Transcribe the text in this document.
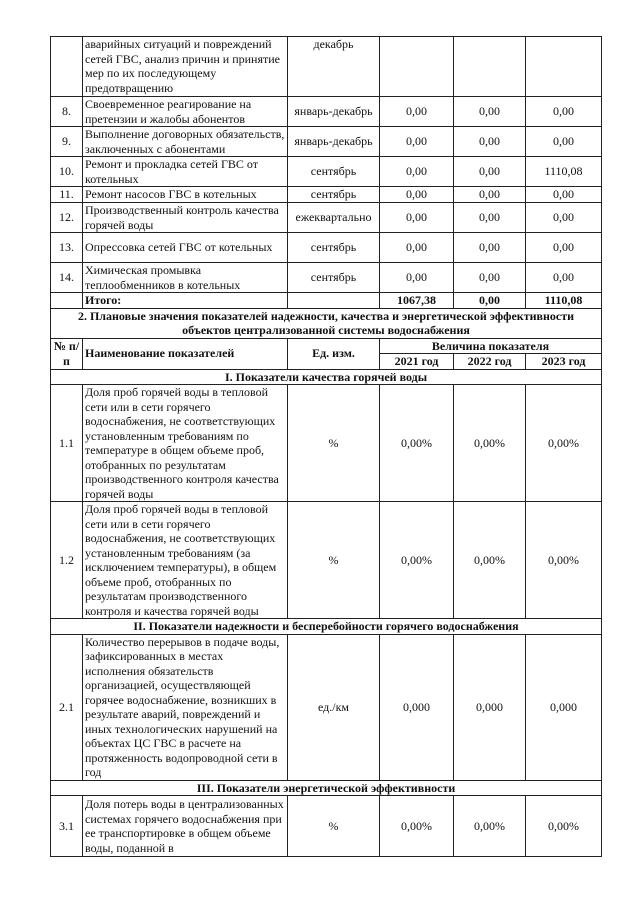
	аварийных ситуаций и повреждений сетей ГВС, анализ причин и принятие мер по их последующему предотвращению	декабрь			
8.	Своевременное реагирование на претензии и жалобы абонентов	январь-декабрь	0,00	0,00	0,00
9.	Выполнение договорных обязательств, заключенных с абонентами	январь-декабрь	0,00	0,00	0,00
10.	Ремонт и прокладка сетей ГВС от котельных	сентябрь	0,00	0,00	1110,08
11.	Ремонт насосов ГВС в котельных	сентябрь	0,00	0,00	0,00
12.	Производственный контроль качества горячей воды	ежеквартально	0,00	0,00	0,00
13.	Опрессовка сетей ГВС от котельных	сентябрь	0,00	0,00	0,00
14.	Химическая промывка теплообменников в котельных	сентябрь	0,00	0,00	0,00
	Итого:		1067,38	0,00	1110,08
2. Плановые значения показателей надежности, качества и энергетической эффективности объектов централизованной системы водоснабжения					
№ п/п	Наименование показателей	Ед. изм.	Величина показателя		
			2021 год	2022 год	2023 год
I. Показатели качества горячей воды					
1.1	Доля проб горячей воды в тепловой сети или в сети горячего водоснабжения, не соответствующих установленным требованиям по температуре в общем объеме проб, отобранных по результатам производственного контроля качества горячей воды	%	0,00%	0,00%	0,00%
1.2	Доля проб горячей воды в тепловой сети или в сети горячего водоснабжения, не соответствующих установленным требованиям (за исключением температуры), в общем объеме проб, отобранных по результатам производственного контроля и качества горячей воды	%	0,00%	0,00%	0,00%
II. Показатели надежности и бесперебойности горячего водоснабжения					
2.1	Количество перерывов в подаче воды, зафиксированных в местах исполнения обязательств организацией, осуществляющей горячее водоснабжение, возникших в результате аварий, повреждений и иных технологических нарушений на объектах ЦС ГВС в расчете на протяженность водопроводной сети в год	ед./км	0,000	0,000	0,000
III. Показатели энергетической эффективности					
3.1	Доля потерь воды в централизованных системах горячего водоснабжения при ее транспортировке в общем объеме воды, поданной в	%	0,00%	0,00%	0,00%
